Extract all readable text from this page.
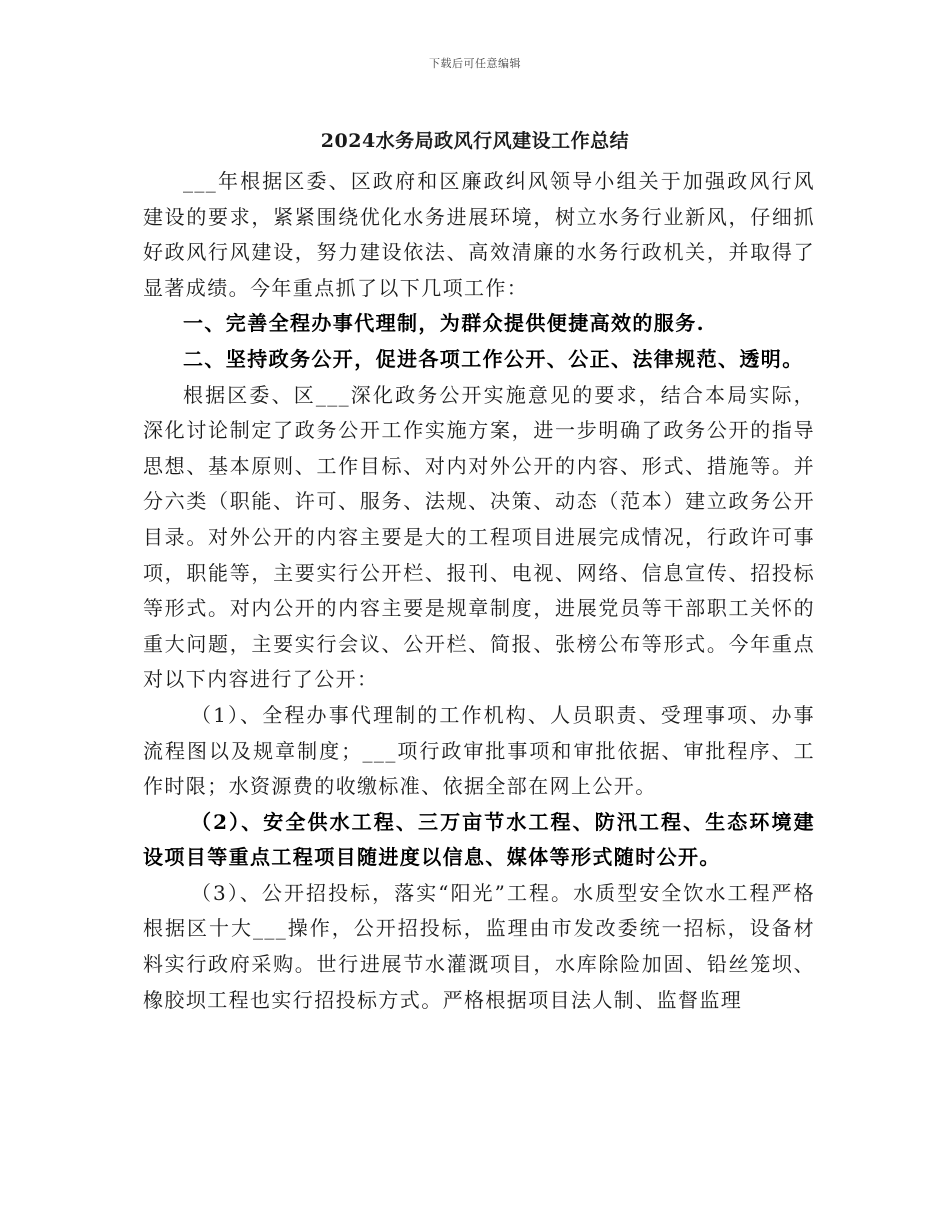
下载后可任意编辑
2024水务局政风行风建设工作总结

___年根据区委、区政府和区廉政纠风领导小组关于加强政风行风建设的要求，紧紧围绕优化水务进展环境，树立水务行业新风，仔细抓好政风行风建设，努力建设依法、高效清廉的水务行政机关，并取得了显著成绩。今年重点抓了以下几项工作：

一、完善全程办事代理制，为群众提供便捷高效的服务.

二、坚持政务公开，促进各项工作公开、公正、法律规范、透明。

根据区委、区___深化政务公开实施意见的要求，结合本局实际，深化讨论制定了政务公开工作实施方案，进一步明确了政务公开的指导思想、基本原则、工作目标、对内对外公开的内容、形式、措施等。并分六类（职能、许可、服务、法规、决策、动态（范本）建立政务公开目录。对外公开的内容主要是大的工程项目进展完成情况，行政许可事项，职能等，主要实行公开栏、报刊、电视、网络、信息宣传、招投标等形式。对内公开的内容主要是规章制度，进展党员等干部职工关怀的重大问题，主要实行会议、公开栏、简报、张榜公布等形式。今年重点对以下内容进行了公开：

（1）、全程办事代理制的工作机构、人员职责、受理事项、办事流程图以及规章制度；___项行政审批事项和审批依据、审批程序、工作时限；水资源费的收缴标准、依据全部在网上公开。

（2）、安全供水工程、三万亩节水工程、防汛工程、生态环境建设项目等重点工程项目随进度以信息、媒体等形式随时公开。

（3）、公开招投标，落实“阳光”工程。水质型安全饮水工程严格根据区十大___操作，公开招投标，监理由市发改委统一招标，设备材料实行政府采购。世行进展节水灌溉项目，水库除险加固、铅丝笼坝、橡胶坝工程也实行招投标方式。严格根据项目法人制、监督监理
